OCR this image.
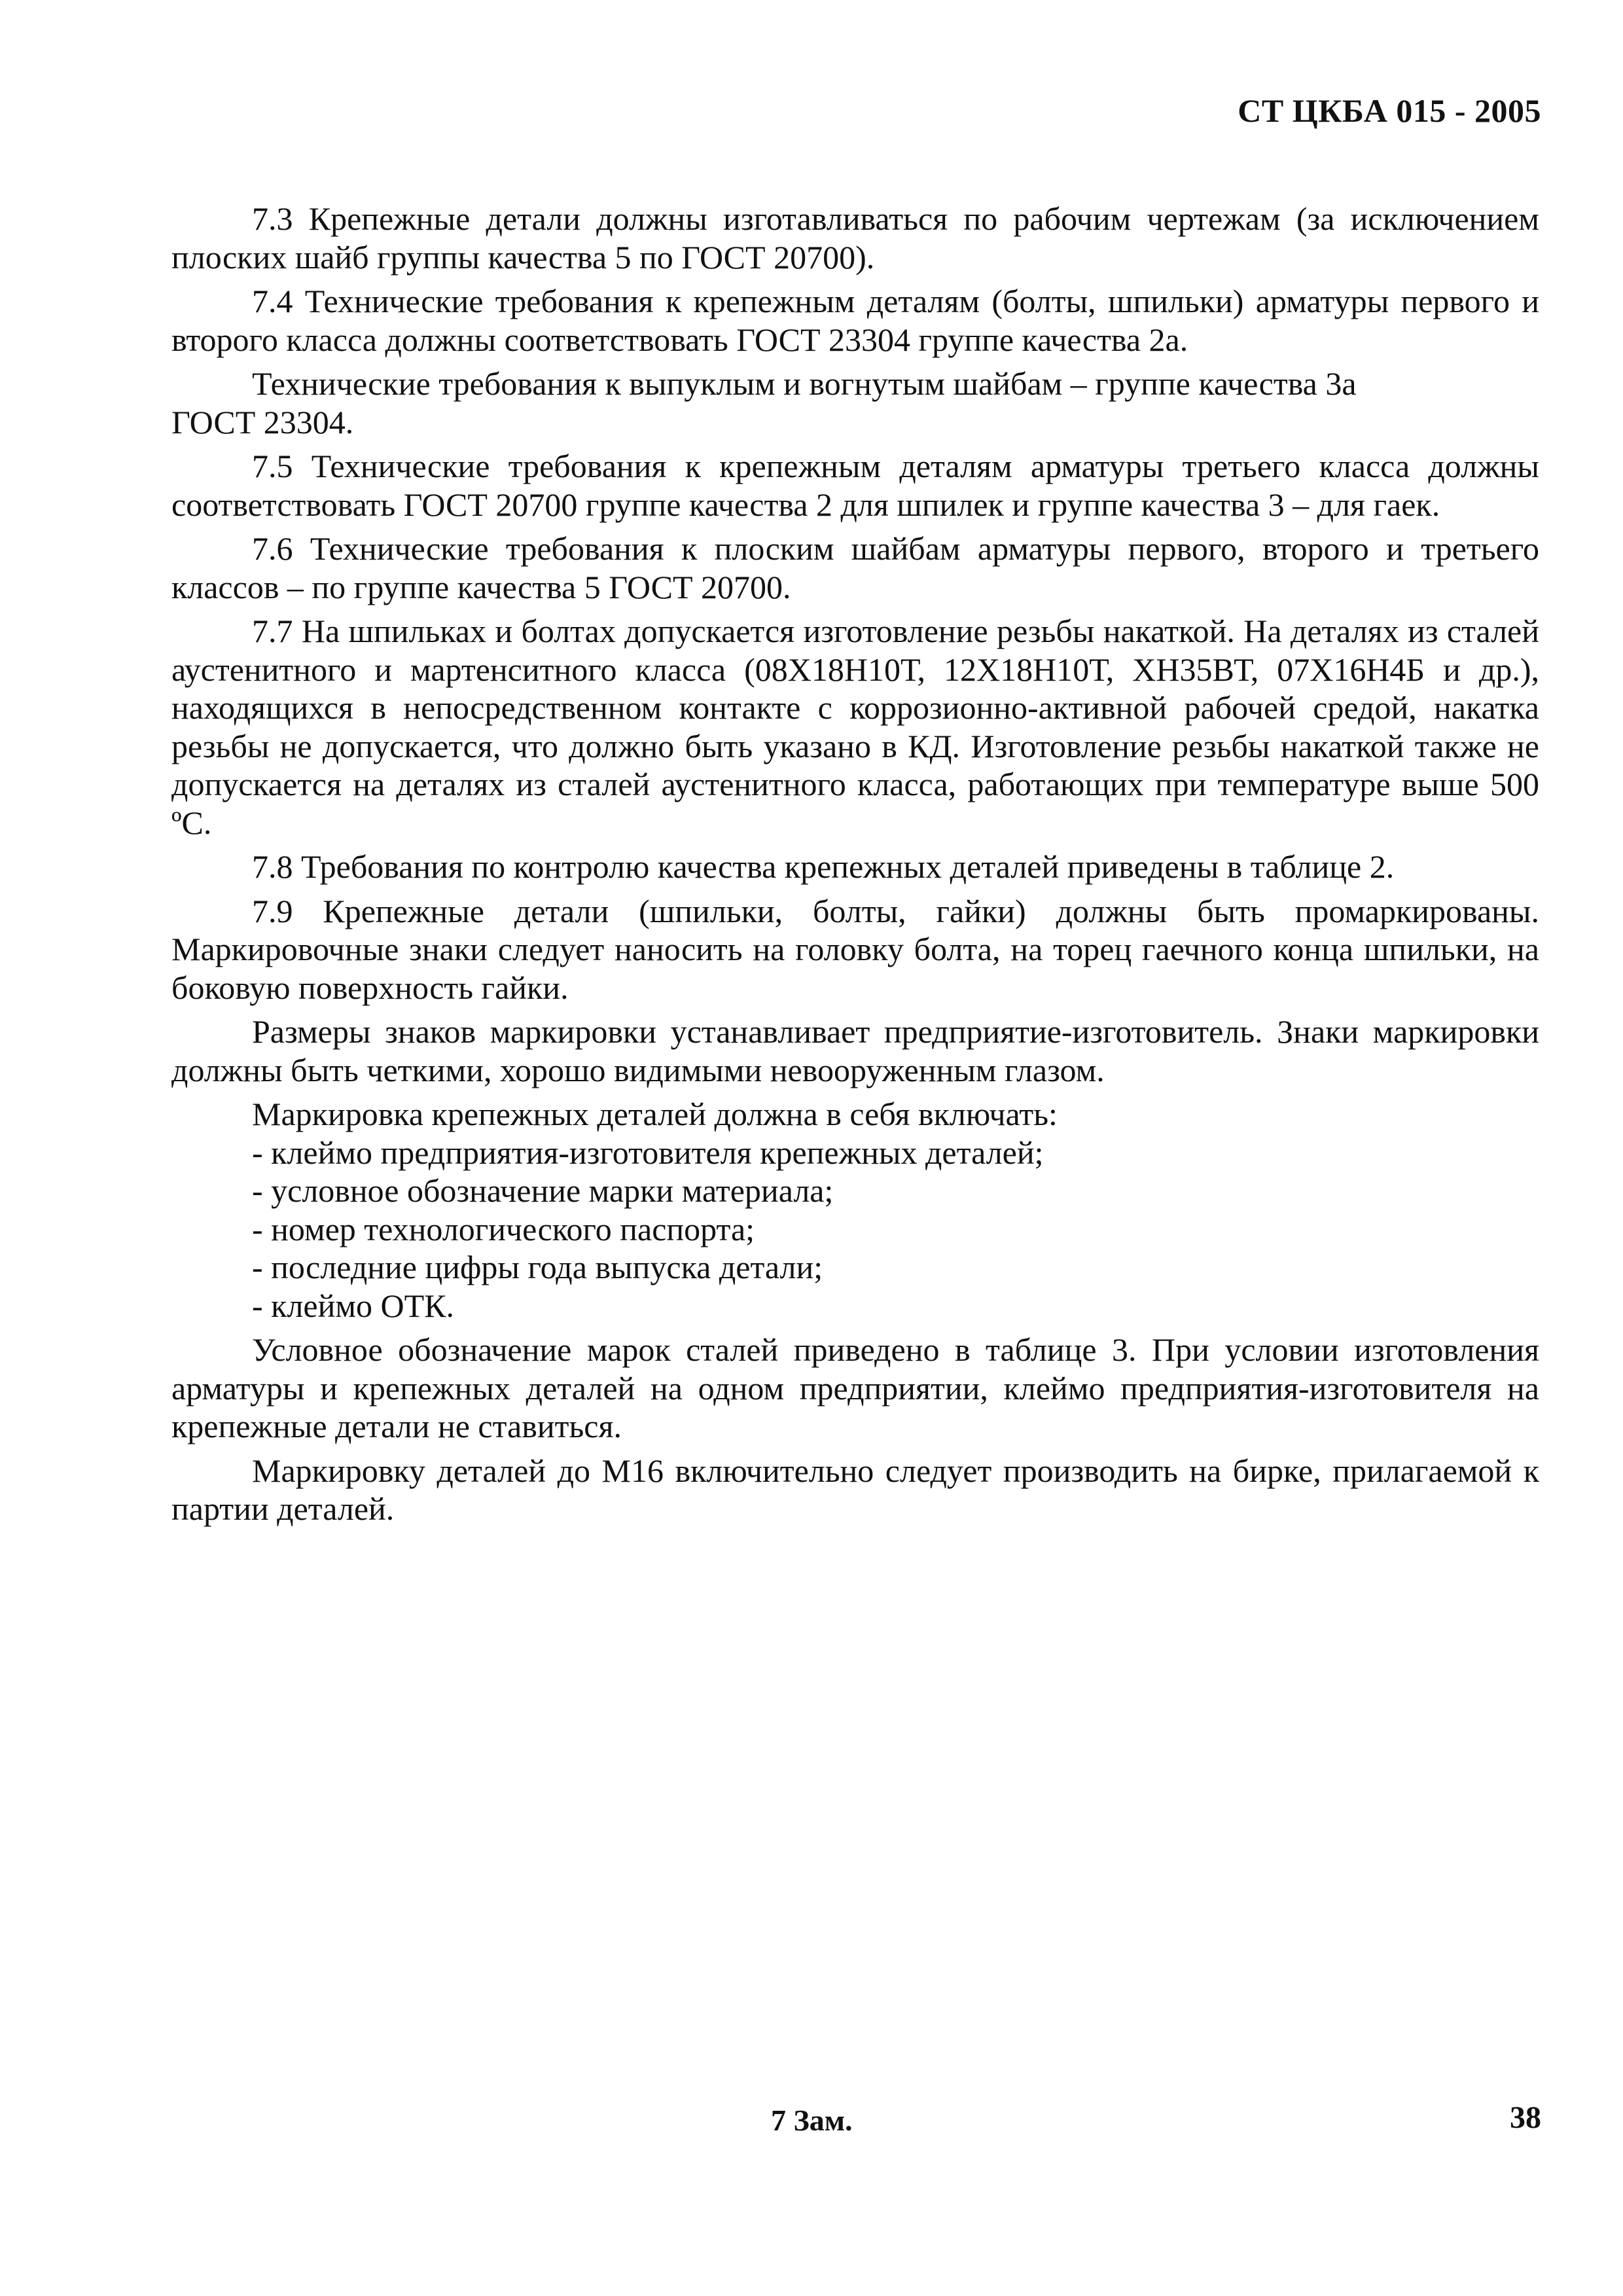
СТ ЦКБА 015 - 2005

7.3 Крепежные детали должны изготавливаться по рабочим чертежам (за исключением плоских шайб группы качества 5 по ГОСТ 20700).

7.4 Технические требования к крепежным деталям (болты, шпильки) арматуры первого и второго класса должны соответствовать ГОСТ 23304 группе качества 2а.

Технические требования к выпуклым и вогнутым шайбам – группе качества 3а

ГОСТ 23304.

7.5 Технические требования к крепежным деталям арматуры третьего класса должны соответствовать ГОСТ 20700 группе качества 2 для шпилек и группе качества 3 – для гаек.

7.6 Технические требования к плоским шайбам арматуры первого, второго и третьего классов – по группе качества 5 ГОСТ 20700.

7.7 На шпильках и болтах допускается изготовление резьбы накаткой. На деталях из сталей аустенитного и мартенситного класса (08Х18Н10Т, 12Х18Н10Т, ХН35ВТ, 07Х16Н4Б и др.), находящихся в непосредственном контакте с коррозионно-активной рабочей средой, накатка резьбы не допускается, что должно быть указано в КД. Изготовление резьбы накаткой также не допускается на деталях из сталей аустенитного класса, работающих при температуре выше 500 ºС.

7.8 Требования по контролю качества крепежных деталей приведены в таблице 2.

7.9 Крепежные детали (шпильки, болты, гайки) должны быть промаркированы. Маркировочные знаки следует наносить на головку болта, на торец гаечного конца шпильки, на боковую поверхность гайки.

Размеры знаков маркировки устанавливает предприятие-изготовитель. Знаки маркировки должны быть четкими, хорошо видимыми невооруженным глазом.

Маркировка крепежных деталей должна в себя включать:

- клеймо предприятия-изготовителя крепежных деталей;

- условное обозначение марки материала;

- номер технологического паспорта;

- последние цифры года выпуска детали;

- клеймо ОТК.

Условное обозначение марок сталей приведено в таблице 3. При условии изготовления арматуры и крепежных деталей на одном предприятии, клеймо предприятия-изготовителя на крепежные детали не ставиться.

Маркировку деталей до М16 включительно следует производить на бирке, прилагаемой к партии деталей.

7 Зам.	38
